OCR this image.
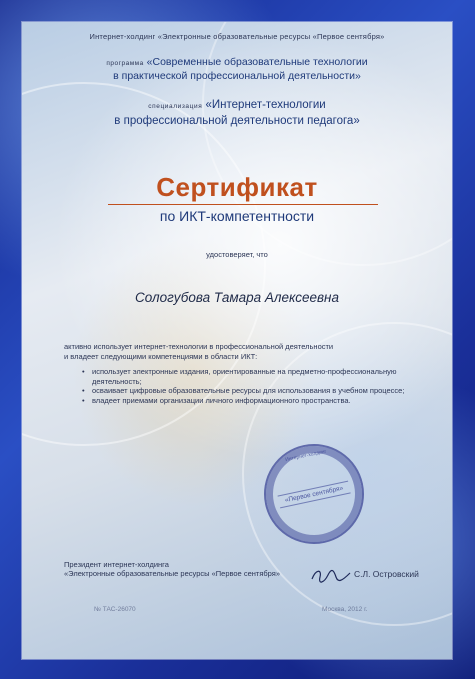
Интернет-холдинг «Электронные образовательные ресурсы «Первое сентября»
программа «Современные образовательные технологии
в практической профессиональной деятельности»
специализация «Интернет-технологии
в профессиональной деятельности педагога»
Сертификат
по ИКТ-компетентности
удостоверяет, что
Сологубова Тамара Алексеевна
активно использует интернет-технологии в профессиональной деятельности
и владеет следующими компетенциями в области ИКТ:
• использует электронные издания, ориентированные на предметно-профессиональную деятельность;
• осваивает цифровые образовательные ресурсы для использования в учебном процессе;
• владеет приемами организации личного информационного пространства.
Интернет-холдинг
«Первое сентября»
Президент интернет-холдинга
«Электронные образовательные ресурсы «Первое сентября»	С.Л. Островский
№ ТАС-26070	Москва, 2012 г.
